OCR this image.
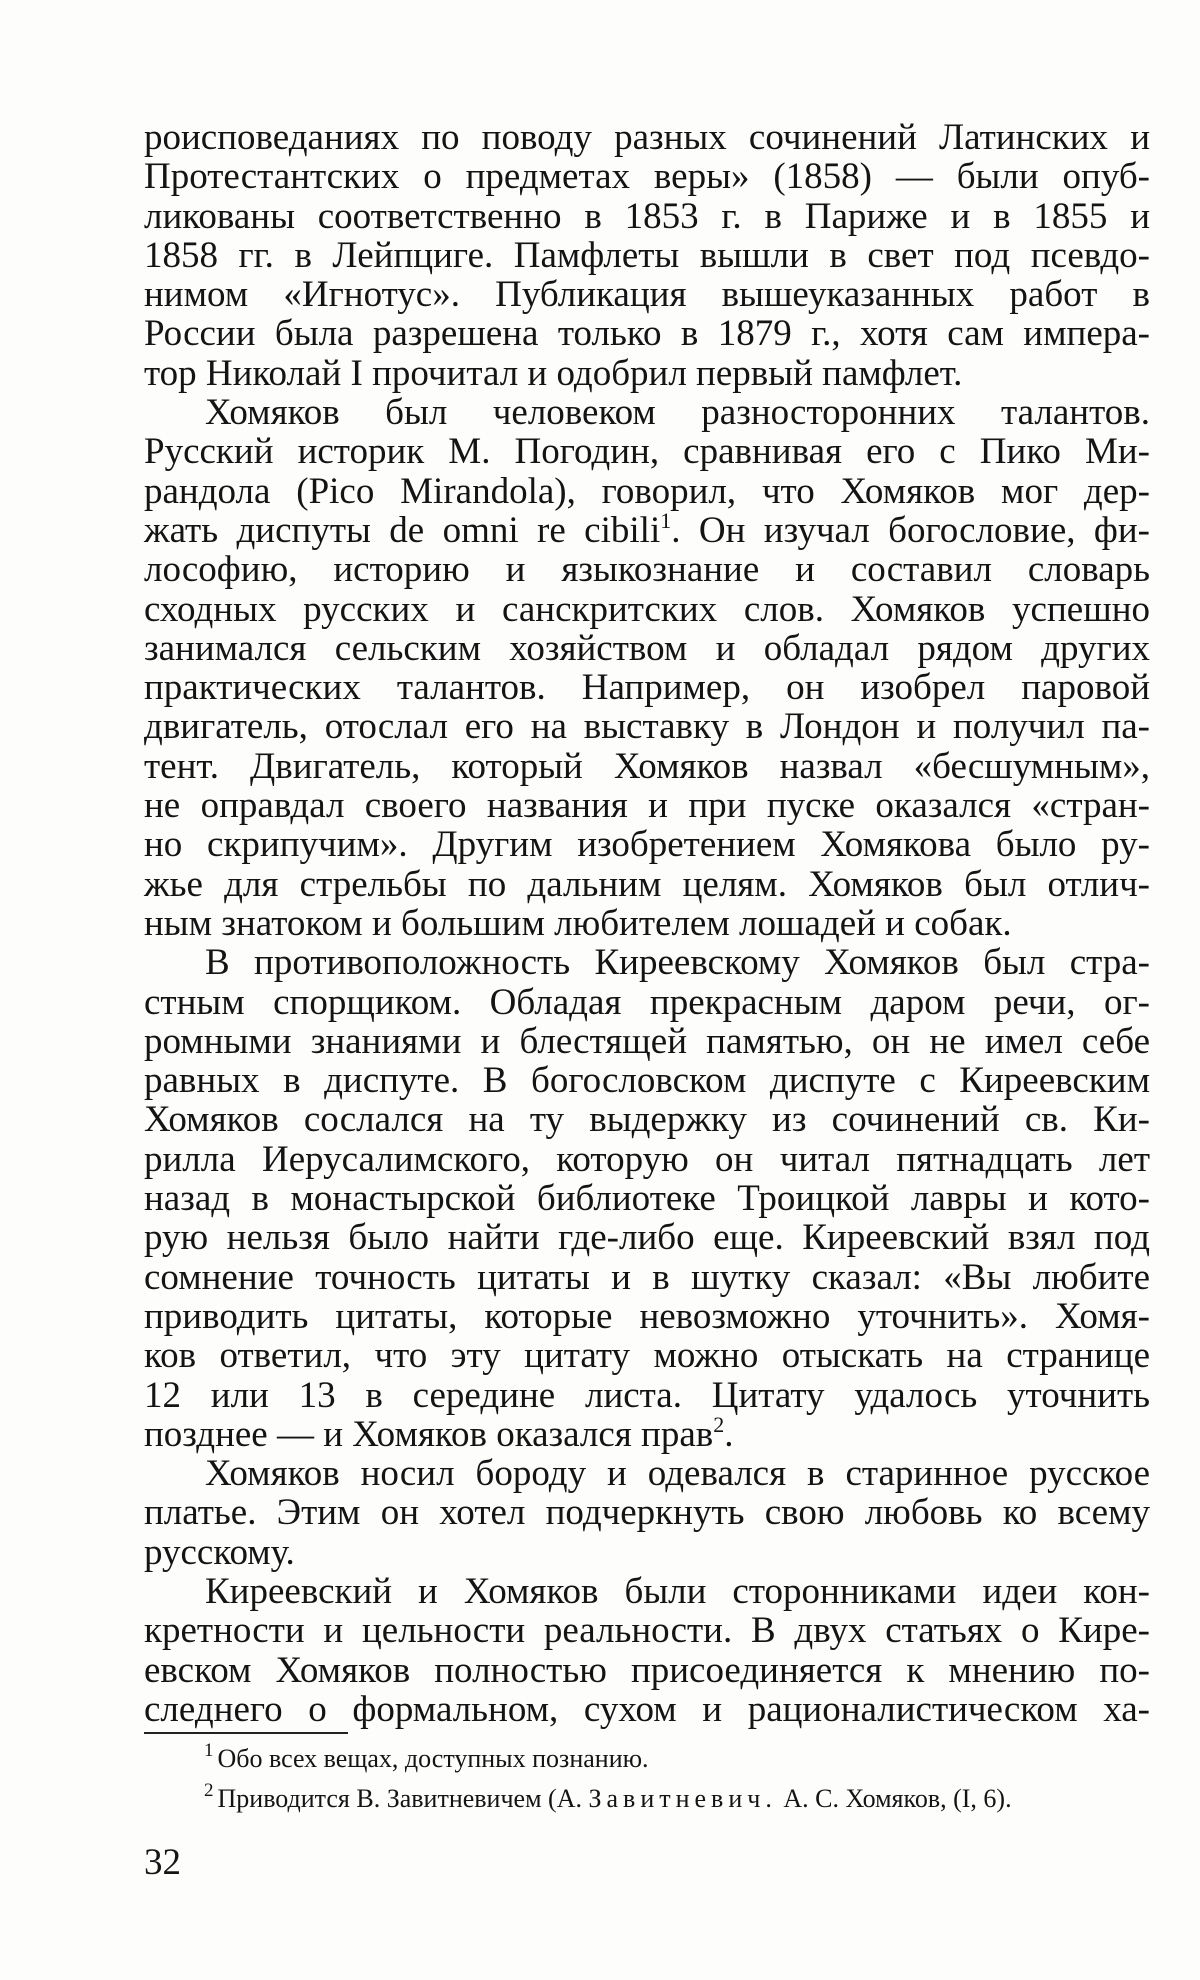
роисповеданиях по поводу разных сочинений Латинских и
Протестантских о предметах веры» (1858) — были опуб-
ликованы соответственно в 1853 г. в Париже и в 1855 и
1858 гг. в Лейпциге. Памфлеты вышли в свет под псевдо-
нимом «Игнотус». Публикация вышеуказанных работ в
России была разрешена только в 1879 г., хотя сам импера-
тор Николай I прочитал и одобрил первый памфлет.

Хомяков был человеком разносторонних талантов.
Русский историк М. Погодин, сравнивая его с Пико Ми-
рандола (Pico Mirandola), говорил, что Хомяков мог дер-
жать диспуты de omni re cibili$^1$. Он изучал богословие, фи-
лософию, историю и языкознание и составил словарь
сходных русских и санскритских слов. Хомяков успешно
занимался сельским хозяйством и обладал рядом других
практических талантов. Например, он изобрел паровой
двигатель, отослал его на выставку в Лондон и получил па-
тент. Двигатель, который Хомяков назвал «бесшумным»,
не оправдал своего названия и при пуске оказался «стран-
но скрипучим». Другим изобретением Хомякова было ру-
жье для стрельбы по дальним целям. Хомяков был отлич-
ным знатоком и большим любителем лошадей и собак.

В противоположность Киреевскому Хомяков был стра-
стным спорщиком. Обладая прекрасным даром речи, ог-
ромными знаниями и блестящей памятью, он не имел себе
равных в диспуте. В богословском диспуте с Киреевским
Хомяков сослался на ту выдержку из сочинений св. Ки-
рилла Иерусалимского, которую он читал пятнадцать лет
назад в монастырской библиотеке Троицкой лавры и кото-
рую нельзя было найти где-либо еще. Киреевский взял под
сомнение точность цитаты и в шутку сказал: «Вы любите
приводить цитаты, которые невозможно уточнить». Хомя-
ков ответил, что эту цитату можно отыскать на странице
12 или 13 в середине листа. Цитату удалось уточнить
позднее — и Хомяков оказался прав$^2$.

Хомяков носил бороду и одевался в старинное русское
платье. Этим он хотел подчеркнуть свою любовь ко всему
русскому.

Киреевский и Хомяков были сторонниками идеи кон-
кретности и цельности реальности. В двух статьях о Кире-
евском Хомяков полностью присоединяется к мнению по-
следнего о формальном, сухом и рационалистическом ха-

$^1$ Обо всех вещах, доступных познанию.
$^2$ Приводится В. Завитневичем (А. Завитневич. А. С. Хомяков, (I, 6).
32
